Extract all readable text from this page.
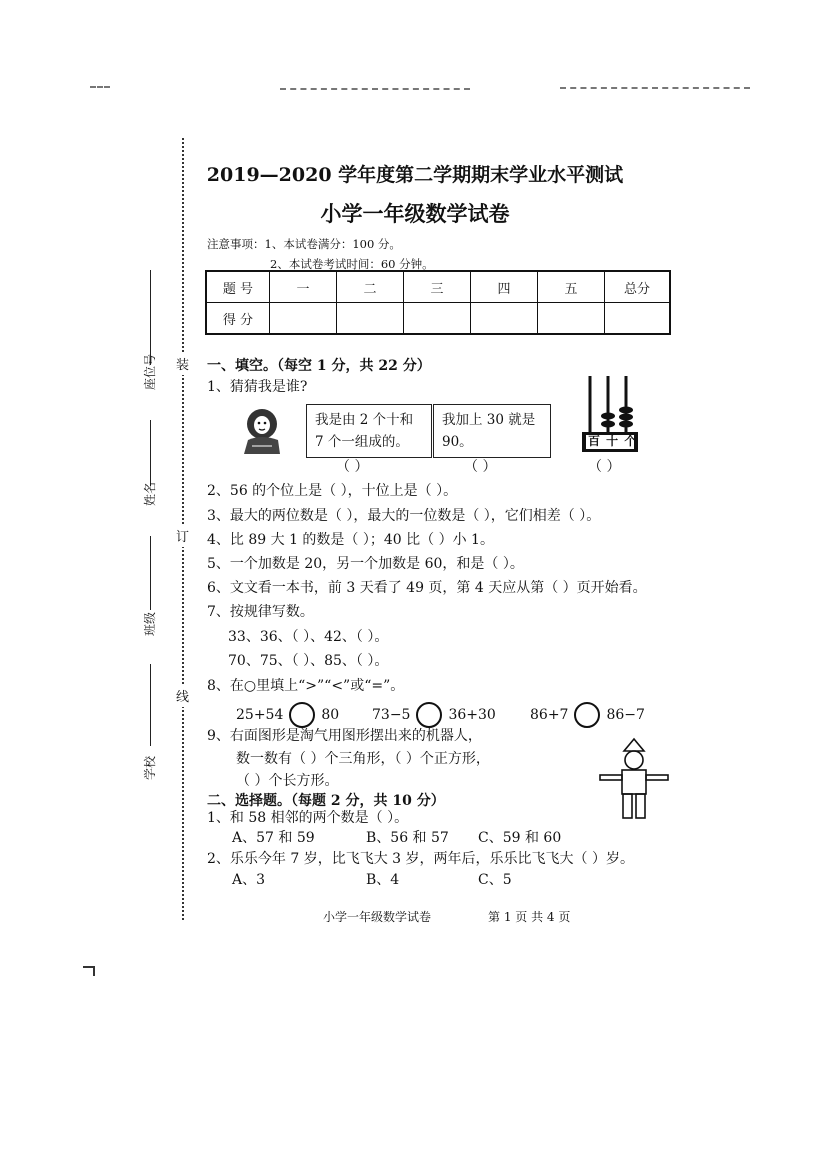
装
订
线
座位号
姓名
班级
学校
2019—2020 学年度第二学期期末学业水平测试
小学一年级数学试卷
注意事项：1、本试卷满分：100 分。
2、本试卷考试时间：60 分钟。
题 号	一	二	三	四	五	总分
得 分						
一、填空。（每空 1 分，共 22 分）
1、猜猜我是谁?
我是由 2 个十和
7 个一组成的。
我加上 30 就是
90。	百 十 个
（ ）	（ ）	（ ）
2、56 的个位上是（ ），十位上是（ ）。
3、最大的两位数是（ ），最大的一位数是（ ），它们相差（ ）。
4、比 89 大 1 的数是（ ）；40 比（ ）小 1。
5、一个加数是 20，另一个加数是 60，和是（ ）。
6、文文看一本书，前 3 天看了 49 页，第 4 天应从第（ ）页开始看。
7、按规律写数。
33、36、（ ）、42、（ ）。
70、75、（ ）、85、（ ）。
8、在○里填上“>”“<”或“=”。
25+54	80 73−5	36+30 86+7	86−7
9、右面图形是淘气用图形摆出来的机器人，
数一数有（ ）个三角形，（ ）个正方形，
（ ）个长方形。
二、选择题。（每题 2 分，共 10 分）
1、和 58 相邻的两个数是（ ）。
A、57 和 59	B、56 和 57 C、59 和 60
2、乐乐今年 7 岁，比飞飞大 3 岁，两年后，乐乐比飞飞大（ ）岁。
A、3	B、4	C、5
小学一年级数学试卷	第 1 页 共 4 页
